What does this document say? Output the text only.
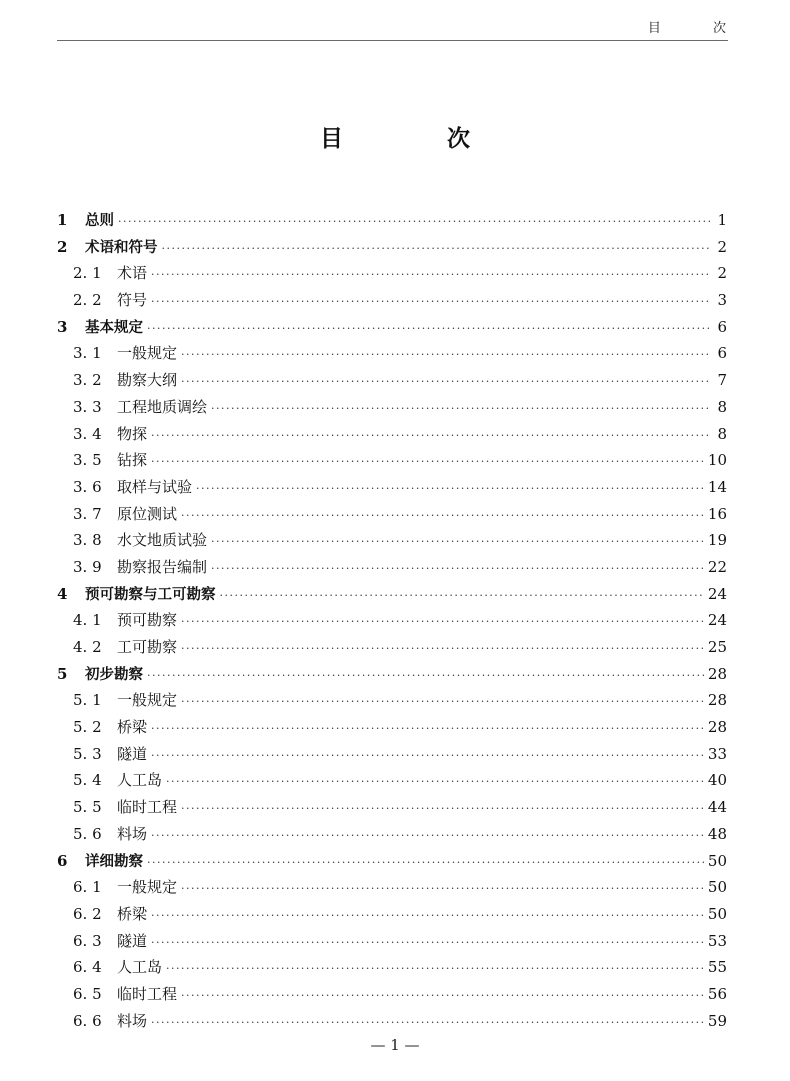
目 次
目 次
1	总则 ·····	1
2	术语和符号 ·····	2
2. 1	术语 ·····	2
2. 2	符号 ·····	3
3	基本规定 ·····	6
3. 1	一般规定 ·····	6
3. 2	勘察大纲 ·····	7
3. 3	工程地质调绘 ·····	8
3. 4	物探 ·····	8
3. 5	钻探 ·····	10
3. 6	取样与试验 ·····	14
3. 7	原位测试 ·····	16
3. 8	水文地质试验 ·····	19
3. 9	勘察报告编制 ·····	22
4	预可勘察与工可勘察 ·····	24
4. 1	预可勘察 ·····	24
4. 2	工可勘察 ·····	25
5	初步勘察 ·····	28
5. 1	一般规定 ·····	28
5. 2	桥梁 ·····	28
5. 3	隧道 ·····	33
5. 4	人工岛 ·····	40
5. 5	临时工程 ·····	44
5. 6	料场 ·····	48
6	详细勘察 ·····	50
6. 1	一般规定 ·····	50
6. 2	桥梁 ·····	50
6. 3	隧道 ·····	53
6. 4	人工岛 ·····	55
6. 5	临时工程 ·····	56
6. 6	料场 ·····	59
— 1 —
